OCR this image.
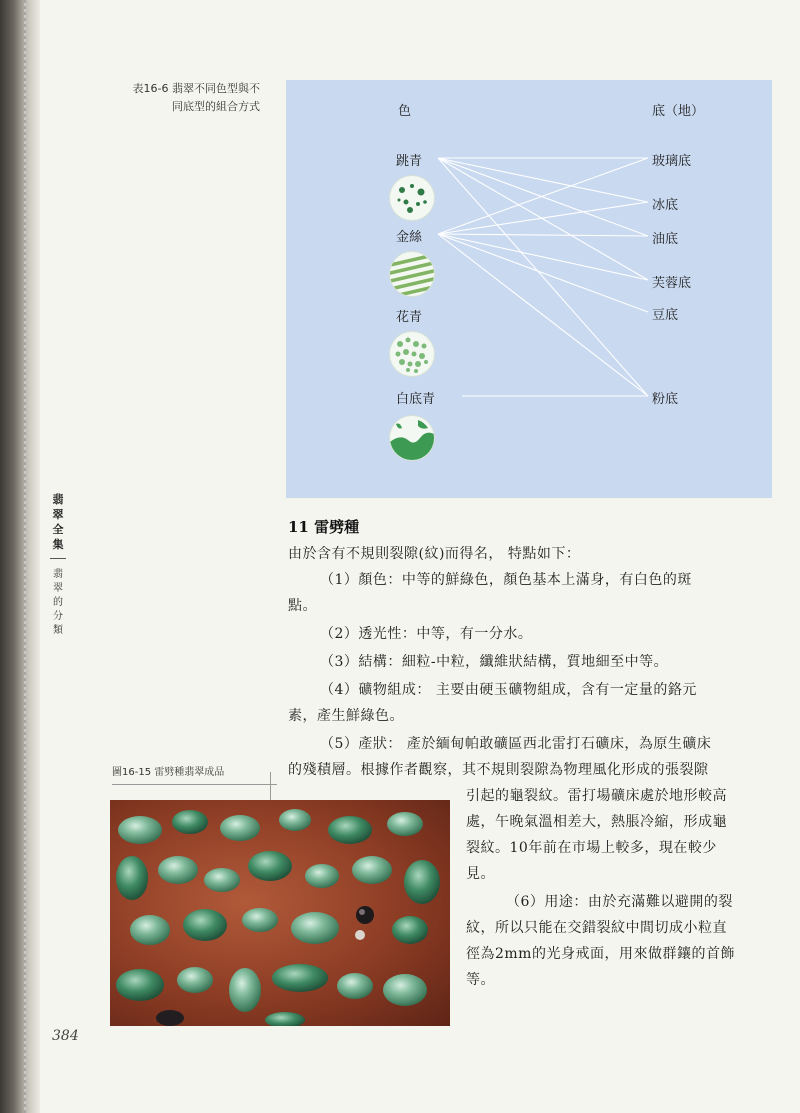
表16-6 翡翠不同色型與不
同底型的組合方式	色	底（地）
跳青
金絲
花青
白底青
玻璃底
冰底
油底
芙蓉底
豆底
粉底
翡
翠
全
集
翡
翠
的
分
類
11 雷劈種
由於含有不規則裂隙(紋)而得名， 特點如下：
（1）顏色：中等的鮮綠色，顏色基本上滿身，有白色的斑
點。
（2）透光性：中等，有一分水。
（3）結構：細粒-中粒，纖維狀結構，質地細至中等。
（4）礦物組成： 主要由硬玉礦物組成，含有一定量的鉻元
素，產生鮮綠色。
（5）產狀： 產於緬甸帕敢礦區西北雷打石礦床，為原生礦床
的殘積層。根據作者觀察，其不規則裂隙為物理風化形成的張裂隙
引起的龜裂紋。雷打場礦床處於地形較高
處，午晚氣溫相差大，熱脹冷縮，形成龜
裂紋。10年前在市場上較多，現在較少
見。
（6）用途：由於充滿難以避開的裂
紋，所以只能在交錯裂紋中間切成小粒直
徑為2mm的光身戒面，用來做群鑲的首飾
等。
圖16-15 雷劈種翡翠成品
384
